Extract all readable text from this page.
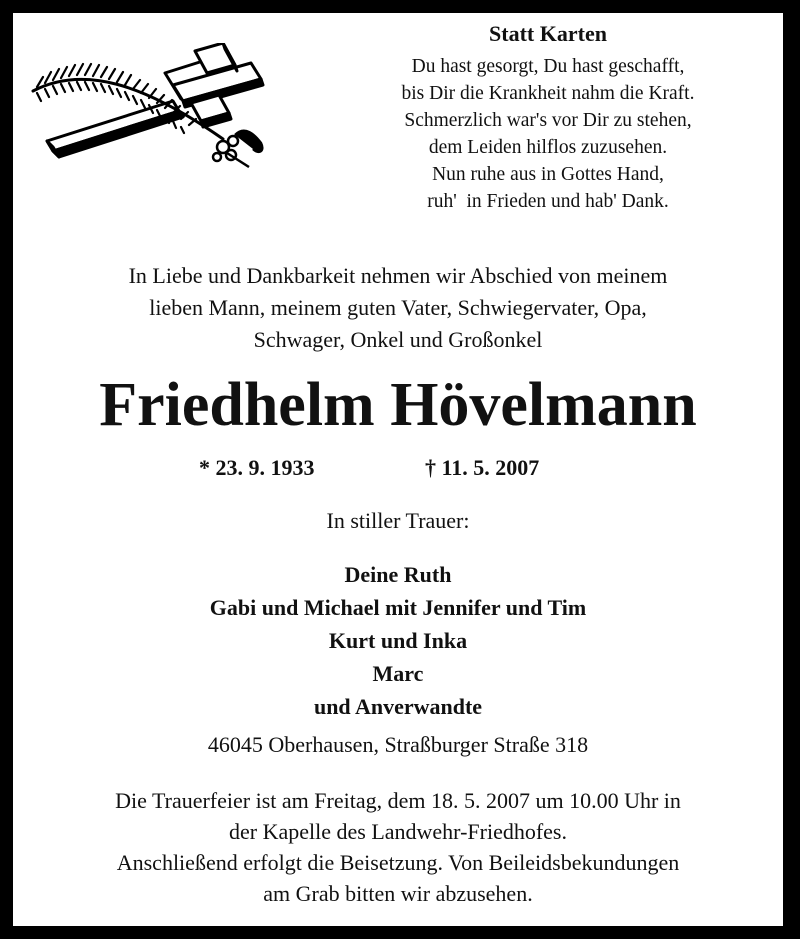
Statt Karten
Du hast gesorgt, Du hast geschafft,
bis Dir die Krankheit nahm die Kraft.
Schmerzlich war's vor Dir zu stehen,
dem Leiden hilflos zuzusehen.
Nun ruhe aus in Gottes Hand,
ruh'  in Frieden und hab' Dank.
In Liebe und Dankbarkeit nehmen wir Abschied von meinem
lieben Mann, meinem guten Vater, Schwiegervater, Opa,
Schwager, Onkel und Großonkel
Friedhelm Hövelmann
* 23. 9. 1933	† 11. 5. 2007
In stiller Trauer:
Deine Ruth
Gabi und Michael mit Jennifer und Tim
Kurt und Inka
Marc
und Anverwandte
46045 Oberhausen, Straßburger Straße 318
Die Trauerfeier ist am Freitag, dem 18. 5. 2007 um 10.00 Uhr in
der Kapelle des Landwehr-Friedhofes.
Anschließend erfolgt die Beisetzung. Von Beileidsbekundungen
am Grab bitten wir abzusehen.
